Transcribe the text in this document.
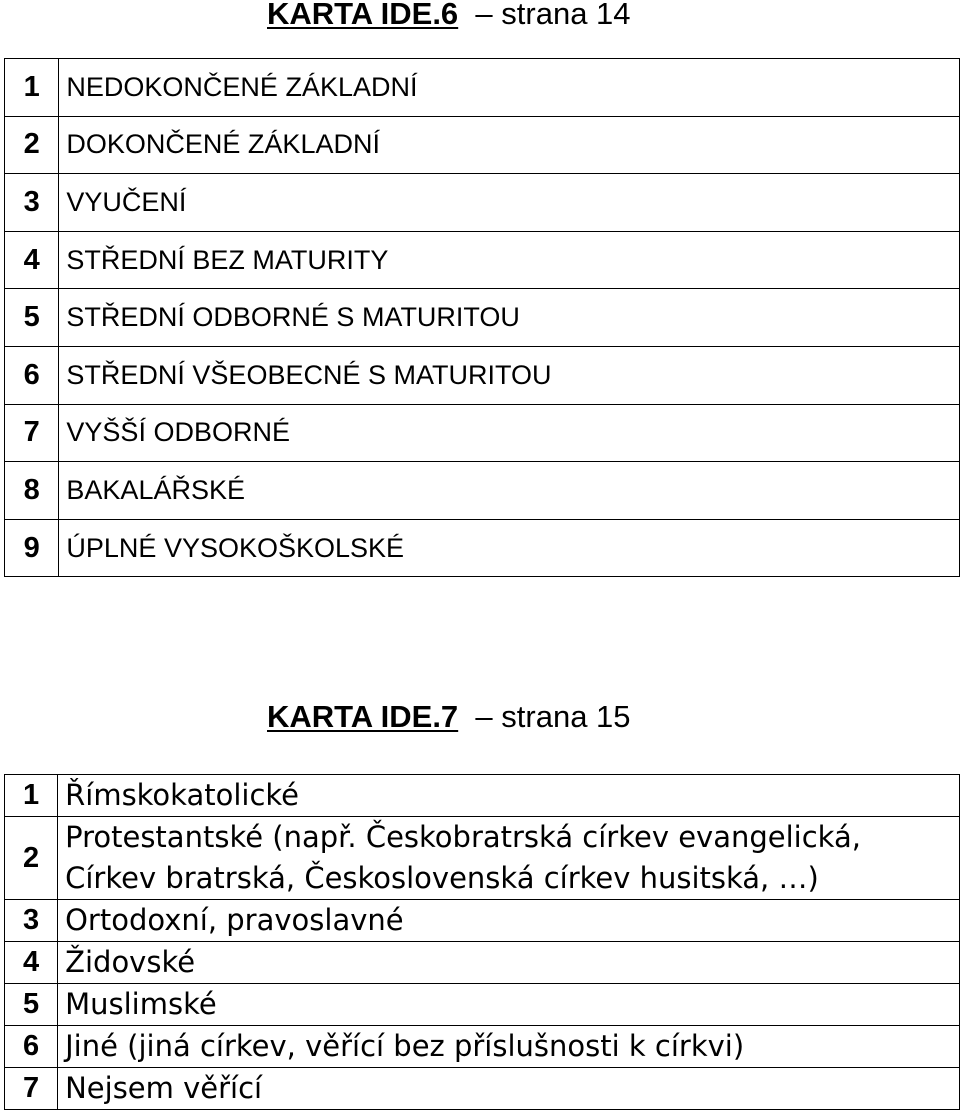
KARTA IDE.6  – strana 14
1	NEDOKONČENÉ ZÁKLADNÍ
2	DOKONČENÉ ZÁKLADNÍ
3	VYUČENÍ
4	STŘEDNÍ BEZ MATURITY
5	STŘEDNÍ ODBORNÉ S MATURITOU
6	STŘEDNÍ VŠEOBECNÉ S MATURITOU
7	VYŠŠÍ ODBORNÉ
8	BAKALÁŘSKÉ
9	ÚPLNÉ VYSOKOŠKOLSKÉ
KARTA IDE.7  – strana 15
1	Římskokatolické
2	Protestantské (např. Českobratrská církev evangelická,
Církev bratrská, Československá církev husitská, …)

3	Ortodoxní, pravoslavné
4	Židovské
5	Muslimské
6	Jiné (jiná církev, věřící bez příslušnosti k církvi)
7	Nejsem věřící
